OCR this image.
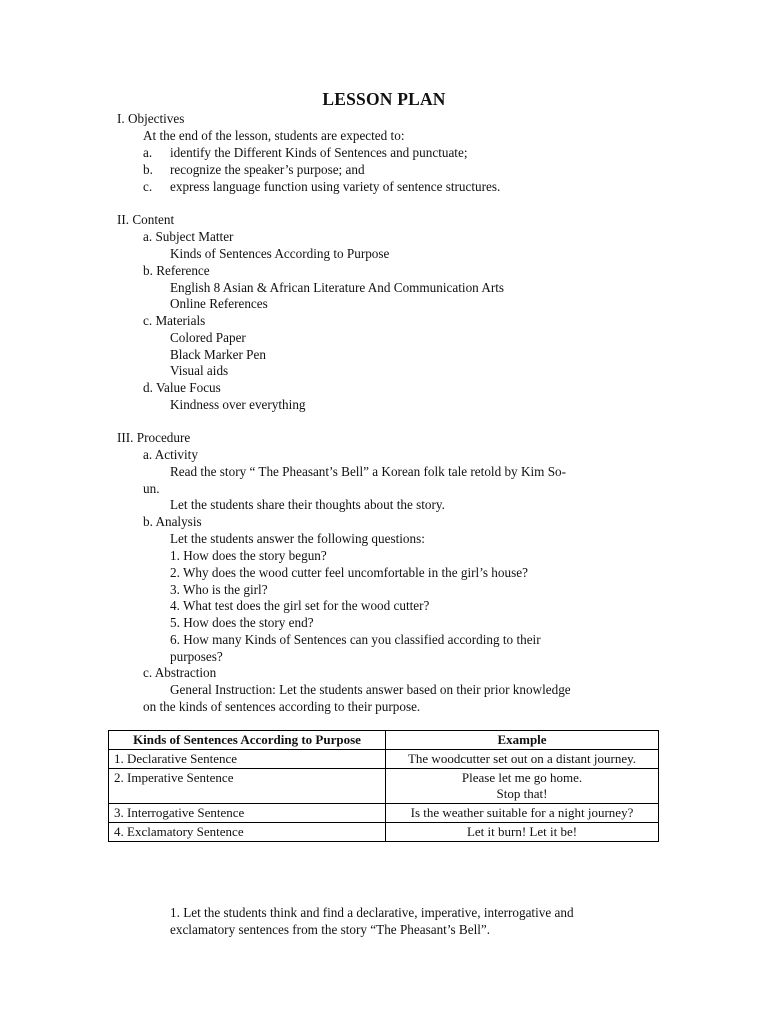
LESSON PLAN
I. Objectives
At the end of the lesson, students are expected to:
a. identify the Different Kinds of Sentences and punctuate;
b. recognize the speaker’s purpose; and
c. express language function using variety of sentence structures.
II. Content
a. Subject Matter
Kinds of Sentences According to Purpose
b. Reference
English 8 Asian & African Literature And Communication Arts
Online References
c. Materials
Colored Paper
Black Marker Pen
Visual aids
d. Value Focus
Kindness over everything
III. Procedure
a. Activity
Read the story “ The Pheasant’s Bell” a Korean folk tale retold by Kim So-
un.
Let the students share their thoughts about the story.
b. Analysis
Let the students answer the following questions:
1. How does the story begun?
2. Why does the wood cutter feel uncomfortable in the girl’s house?
3. Who is the girl?
4. What test does the girl set for the wood cutter?
5. How does the story end?
6. How many Kinds of Sentences can you classified according to their
purposes?
c. Abstraction
General Instruction: Let the students answer based on their prior knowledge
on the kinds of sentences according to their purpose.
Kinds of Sentences According to Purpose	Example
1. Declarative Sentence	The woodcutter set out on a distant journey.
2. Imperative Sentence	Please let me go home.
Stop that!

3. Interrogative Sentence	Is the weather suitable for a night journey?
4. Exclamatory Sentence	Let it burn! Let it be!
1. Let the students think and find a declarative, imperative, interrogative and
exclamatory sentences from the story “The Pheasant’s Bell”.
